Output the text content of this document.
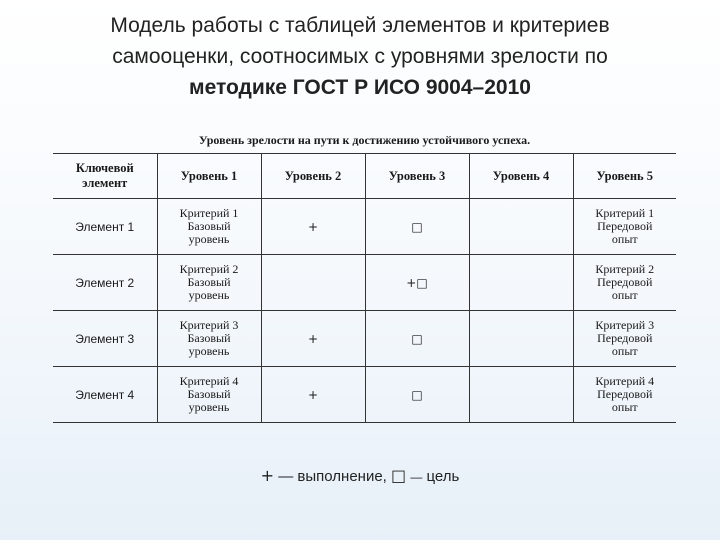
Модель работы с таблицей элементов и критериев
самооценки, соотносимых с уровнями зрелости по
методике ГОСТ Р ИСО 9004–2010
Уровень зрелости на пути к достижению устойчивого успеха.					
Ключевой элемент	Уровень 1	Уровень 2	Уровень 3	Уровень 4	Уровень 5
Элемент 1	Критерий 1
Базовый
уровень	+	□		Критерий 1
Передовой
опыт

Элемент 2	Критерий 2
Базовый
уровень		+□		Критерий 2
Передовой
опыт

Элемент 3	Критерий 3
Базовый
уровень	+	□		Критерий 3
Передовой
опыт

Элемент 4	Критерий 4
Базовый
уровень	+	□		Критерий 4
Передовой
опыт
+ — выполнение, □ — цель
